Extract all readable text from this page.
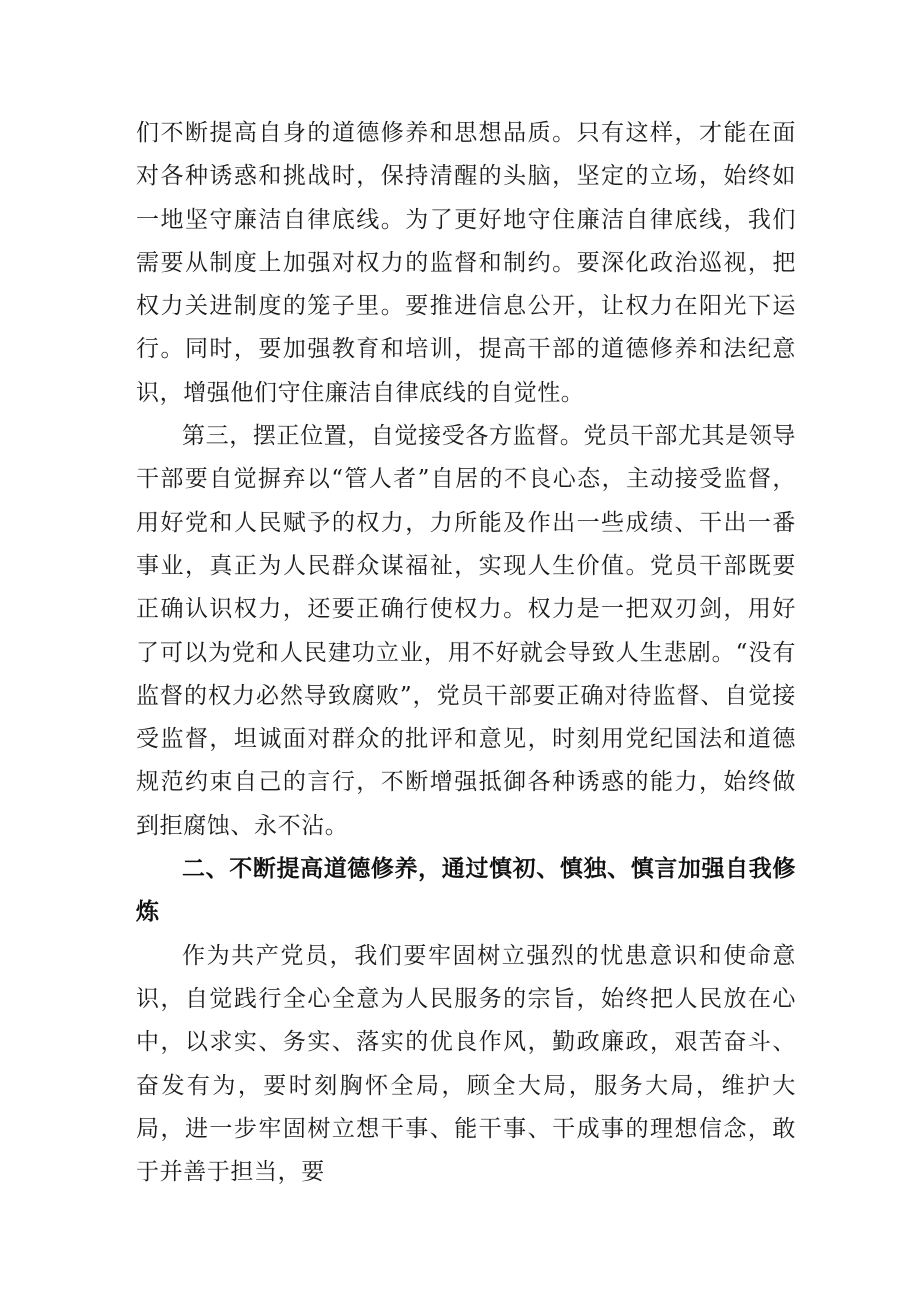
们不断提高自身的道德修养和思想品质。只有这样，才能在面对各种诱惑和挑战时，保持清醒的头脑，坚定的立场，始终如一地坚守廉洁自律底线。为了更好地守住廉洁自律底线，我们需要从制度上加强对权力的监督和制约。要深化政治巡视，把权力关进制度的笼子里。要推进信息公开，让权力在阳光下运行。同时，要加强教育和培训，提高干部的道德修养和法纪意识，增强他们守住廉洁自律底线的自觉性。

第三，摆正位置，自觉接受各方监督。党员干部尤其是领导干部要自觉摒弃以“管人者”自居的不良心态，主动接受监督，用好党和人民赋予的权力，力所能及作出一些成绩、干出一番事业，真正为人民群众谋福祉，实现人生价值。党员干部既要正确认识权力，还要正确行使权力。权力是一把双刃剑，用好了可以为党和人民建功立业，用不好就会导致人生悲剧。“没有监督的权力必然导致腐败”，党员干部要正确对待监督、自觉接受监督，坦诚面对群众的批评和意见，时刻用党纪国法和道德规范约束自己的言行，不断增强抵御各种诱惑的能力，始终做到拒腐蚀、永不沾。

二、不断提高道德修养，通过慎初、慎独、慎言加强自我修炼

作为共产党员，我们要牢固树立强烈的忧患意识和使命意识，自觉践行全心全意为人民服务的宗旨，始终把人民放在心中，以求实、务实、落实的优良作风，勤政廉政，艰苦奋斗、奋发有为，要时刻胸怀全局，顾全大局，服务大局，维护大局，进一步牢固树立想干事、能干事、干成事的理想信念，敢于并善于担当，要
